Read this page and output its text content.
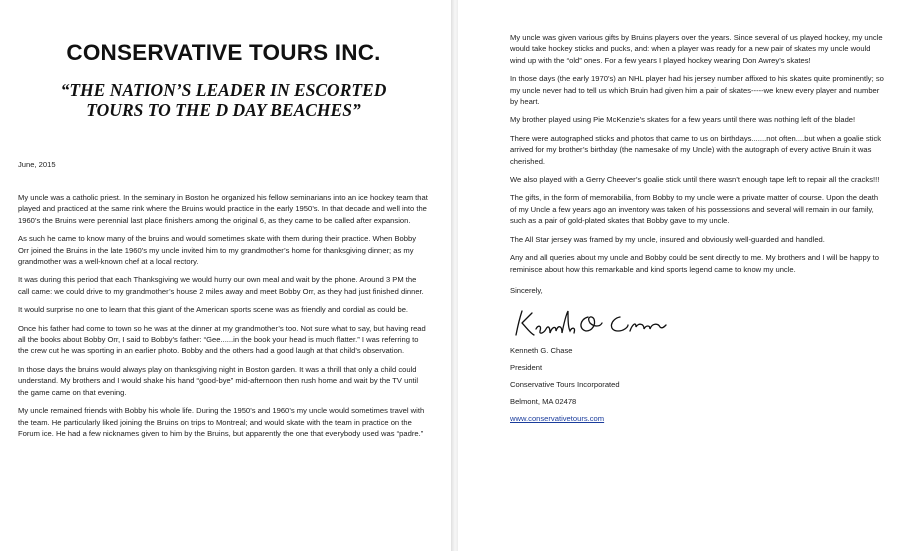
CONSERVATIVE TOURS INC.
“THE NATION’S LEADER IN ESCORTED
TOURS TO THE D DAY BEACHES”
June, 2015

My uncle was a catholic priest. In the seminary in Boston he organized his fellow seminarians into an ice hockey team that played and practiced at the same rink where the Bruins would practice in the early 1950’s. In that decade and well into the 1960’s the Bruins were perennial last place finishers among the original 6, as they came to be called after expansion.

As such he came to know many of the bruins and would sometimes skate with them during their practice. When Bobby Orr joined the Bruins in the late 1960’s my uncle invited him to my grandmother’s home for thanksgiving dinner; as my grandmother was a well-known chef at a local rectory.

It was during this period that each Thanksgiving we would hurry our own meal and wait by the phone. Around 3 PM the call came: we could drive to my grandmother’s house 2 miles away and meet Bobby Orr, as they had just finished dinner.

It would surprise no one to learn that this giant of the American sports scene was as friendly and cordial as could be.

Once his father had come to town so he was at the dinner at my grandmother’s too. Not sure what to say, but having read all the books about Bobby Orr, I said to Bobby’s father: “Gee......in the book your head is much flatter.” I was referring to the crew cut he was sporting in an earlier photo. Bobby and the others had a good laugh at that child’s observation.

In those days the bruins would always play on thanksgiving night in Boston garden. It was a thrill that only a child could understand. My brothers and I would shake his hand “good-bye” mid-afternoon then rush home and wait by the TV until the game came on that evening.

My uncle remained friends with Bobby his whole life. During the 1950’s and 1960’s my uncle would sometimes travel with the team. He particularly liked joining the Bruins on trips to Montreal; and would skate with the team in practice on the Forum ice. He had a few nicknames given to him by the Bruins, but apparently the one that everybody used was “padre.”

My uncle was given various gifts by Bruins players over the years. Since several of us played hockey, my uncle would take hockey sticks and pucks, and: when a player was ready for a new pair of skates my uncle would wind up with the “old” ones. For a few years I played hockey wearing Don Awrey’s skates!

In those days (the early 1970’s) an NHL player had his jersey number affixed to his skates quite prominently; so my uncle never had to tell us which Bruin had given him a pair of skates-----we knew every player and number by heart.

My brother played using Pie McKenzie’s skates for a few years until there was nothing left of the blade!

There were autographed sticks and photos that came to us on birthdays.......not often....but when a goalie stick arrived for my brother’s birthday (the namesake of my Uncle) with the autograph of every active Bruin it was cherished.

We also played with a Gerry Cheever’s goalie stick until there wasn’t enough tape left to repair all the cracks!!!

The gifts, in the form of memorabilia, from Bobby to my uncle were a private matter of course. Upon the death of my Uncle a few years ago an inventory was taken of his possessions and several will remain in our family, such as a pair of gold-plated skates that Bobby gave to my uncle.

The All Star jersey was framed by my uncle, insured and obviously well-guarded and handled.

Any and all queries about my uncle and Bobby could be sent directly to me. My brothers and I will be happy to reminisce about how this remarkable and kind sports legend came to know my uncle.

Sincerely,
Kenneth G. Chase
President
Conservative Tours Incorporated
Belmont, MA 02478
www.conservativetours.com
